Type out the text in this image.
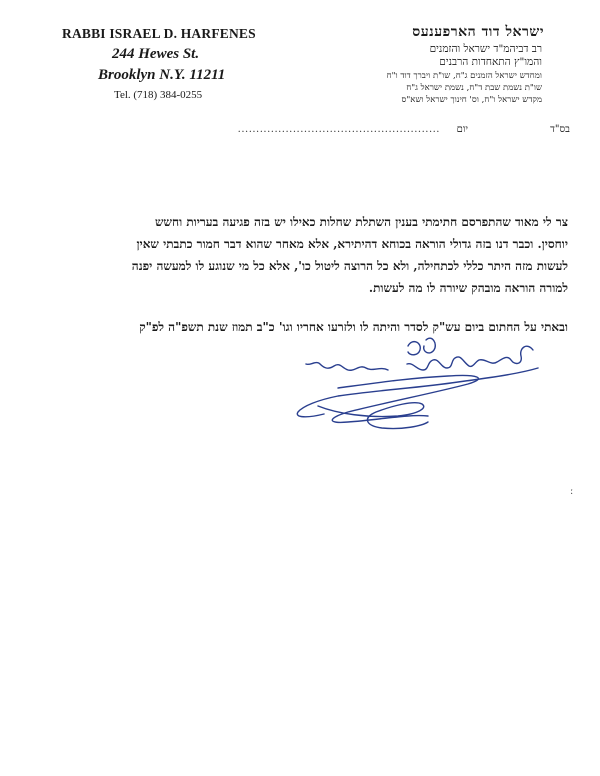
RABBI ISRAEL D. HARFENES
244 Hewes St.
Brooklyn N.Y. 11211
Tel. (718) 384-0255
ישראל דוד הארפענעס
רב דביהמ"ד ישראל והזמנים
והמו"ץ התאחדות הרבנים
ומחדש ישראל הזמנים ג"ח, שו"ת ויברך דוד ו"ח
שו"ת נשמת שבת ד"ח, נשמת ישראל ג"ח
מקדש ישראל ו"ח, וס' חינוך ישראל ושא"ס
בס"ד
יום
.......................................................
צר לי מאוד שהתפרסם חתימתי בענין השתלת שחלות כאילו יש בזה פגיעה בעריות וחשש
יוחסין. וכבר דנו בזה גדולי הוראה בכוחא דהיתירא, אלא מאחר שהוא דבר חמור כתבתי שאין
לעשות מזה היתר כללי לכתחילה, ולא כל הרוצה ליטול כו', אלא כל מי שנוגע לו למעשה יפנה
למורה הוראה מובהק שיורה לו מה לעשות.
ובאתי על החתום ביום עש"ק לסדר והיתה לו ולזרעו אחריו וגו' כ"ב תמוז שנת תשפ"ה לפ"ק
ː
